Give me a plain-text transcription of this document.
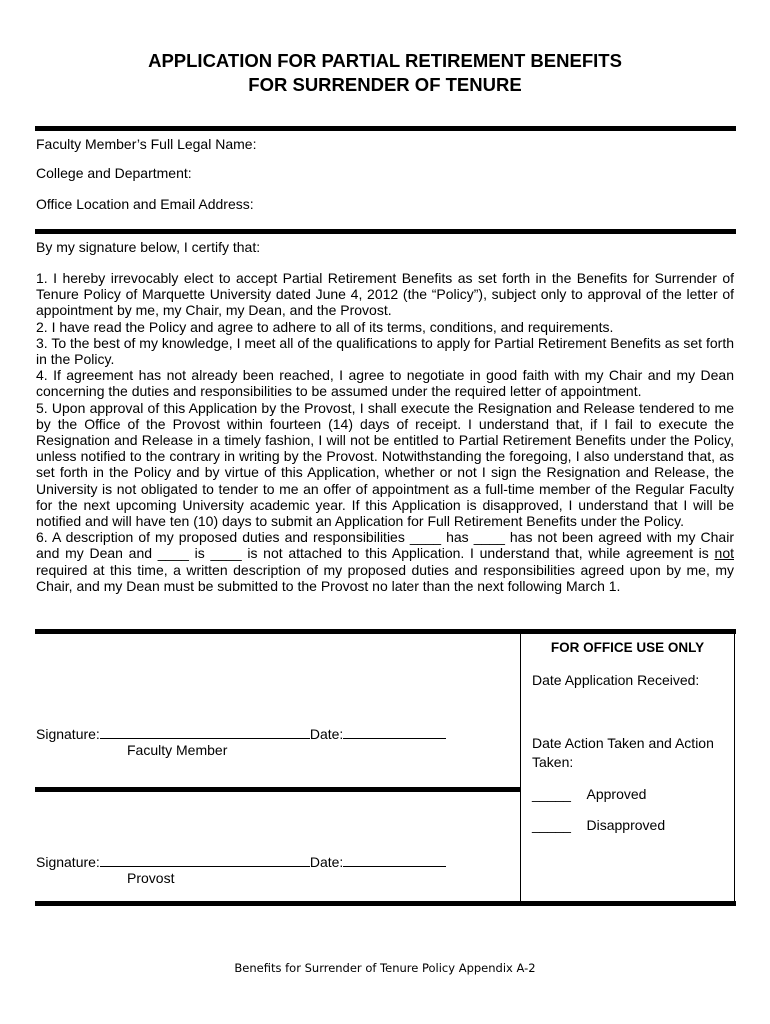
APPLICATION FOR PARTIAL RETIREMENT BENEFITS
FOR SURRENDER OF TENURE
Faculty Member’s Full Legal Name:
College and Department:
Office Location and Email Address:
By my signature below, I certify that:

1. I hereby irrevocably elect to accept Partial Retirement Benefits as set forth in the Benefits for Surrender of Tenure Policy of Marquette University dated June 4, 2012 (the “Policy”), subject only to approval of the letter of appointment by me, my Chair, my Dean, and the Provost.

2. I have read the Policy and agree to adhere to all of its terms, conditions, and requirements.

3. To the best of my knowledge, I meet all of the qualifications to apply for Partial Retirement Benefits as set forth in the Policy.

4. If agreement has not already been reached, I agree to negotiate in good faith with my Chair and my Dean concerning the duties and responsibilities to be assumed under the required letter of appointment.

5. Upon approval of this Application by the Provost, I shall execute the Resignation and Release tendered to me by the Office of the Provost within fourteen (14) days of receipt. I understand that, if I fail to execute the Resignation and Release in a timely fashion, I will not be entitled to Partial Retirement Benefits under the Policy, unless notified to the contrary in writing by the Provost. Notwithstanding the foregoing, I also understand that, as set forth in the Policy and by virtue of this Application, whether or not I sign the Resignation and Release, the University is not obligated to tender to me an offer of appointment as a full-time member of the Regular Faculty for the next upcoming University academic year. If this Application is disapproved, I understand that I will be notified and will have ten (10) days to submit an Application for Full Retirement Benefits under the Policy.

6. A description of my proposed duties and responsibilities ____ has ____ has not been agreed with my Chair and my Dean and ____ is ____ is not attached to this Application. I understand that, while agreement is not required at this time, a written description of my proposed duties and responsibilities agreed upon by me, my Chair, and my Dean must be submitted to the Provost no later than the next following March 1.

Signature:	Date:
Faculty Member
Signature:	Date:
Provost
FOR OFFICE USE ONLY
Date Application Received:
Date Action Taken and Action
Taken:
_____ Approved
_____ Disapproved
Benefits for Surrender of Tenure Policy Appendix A-2
